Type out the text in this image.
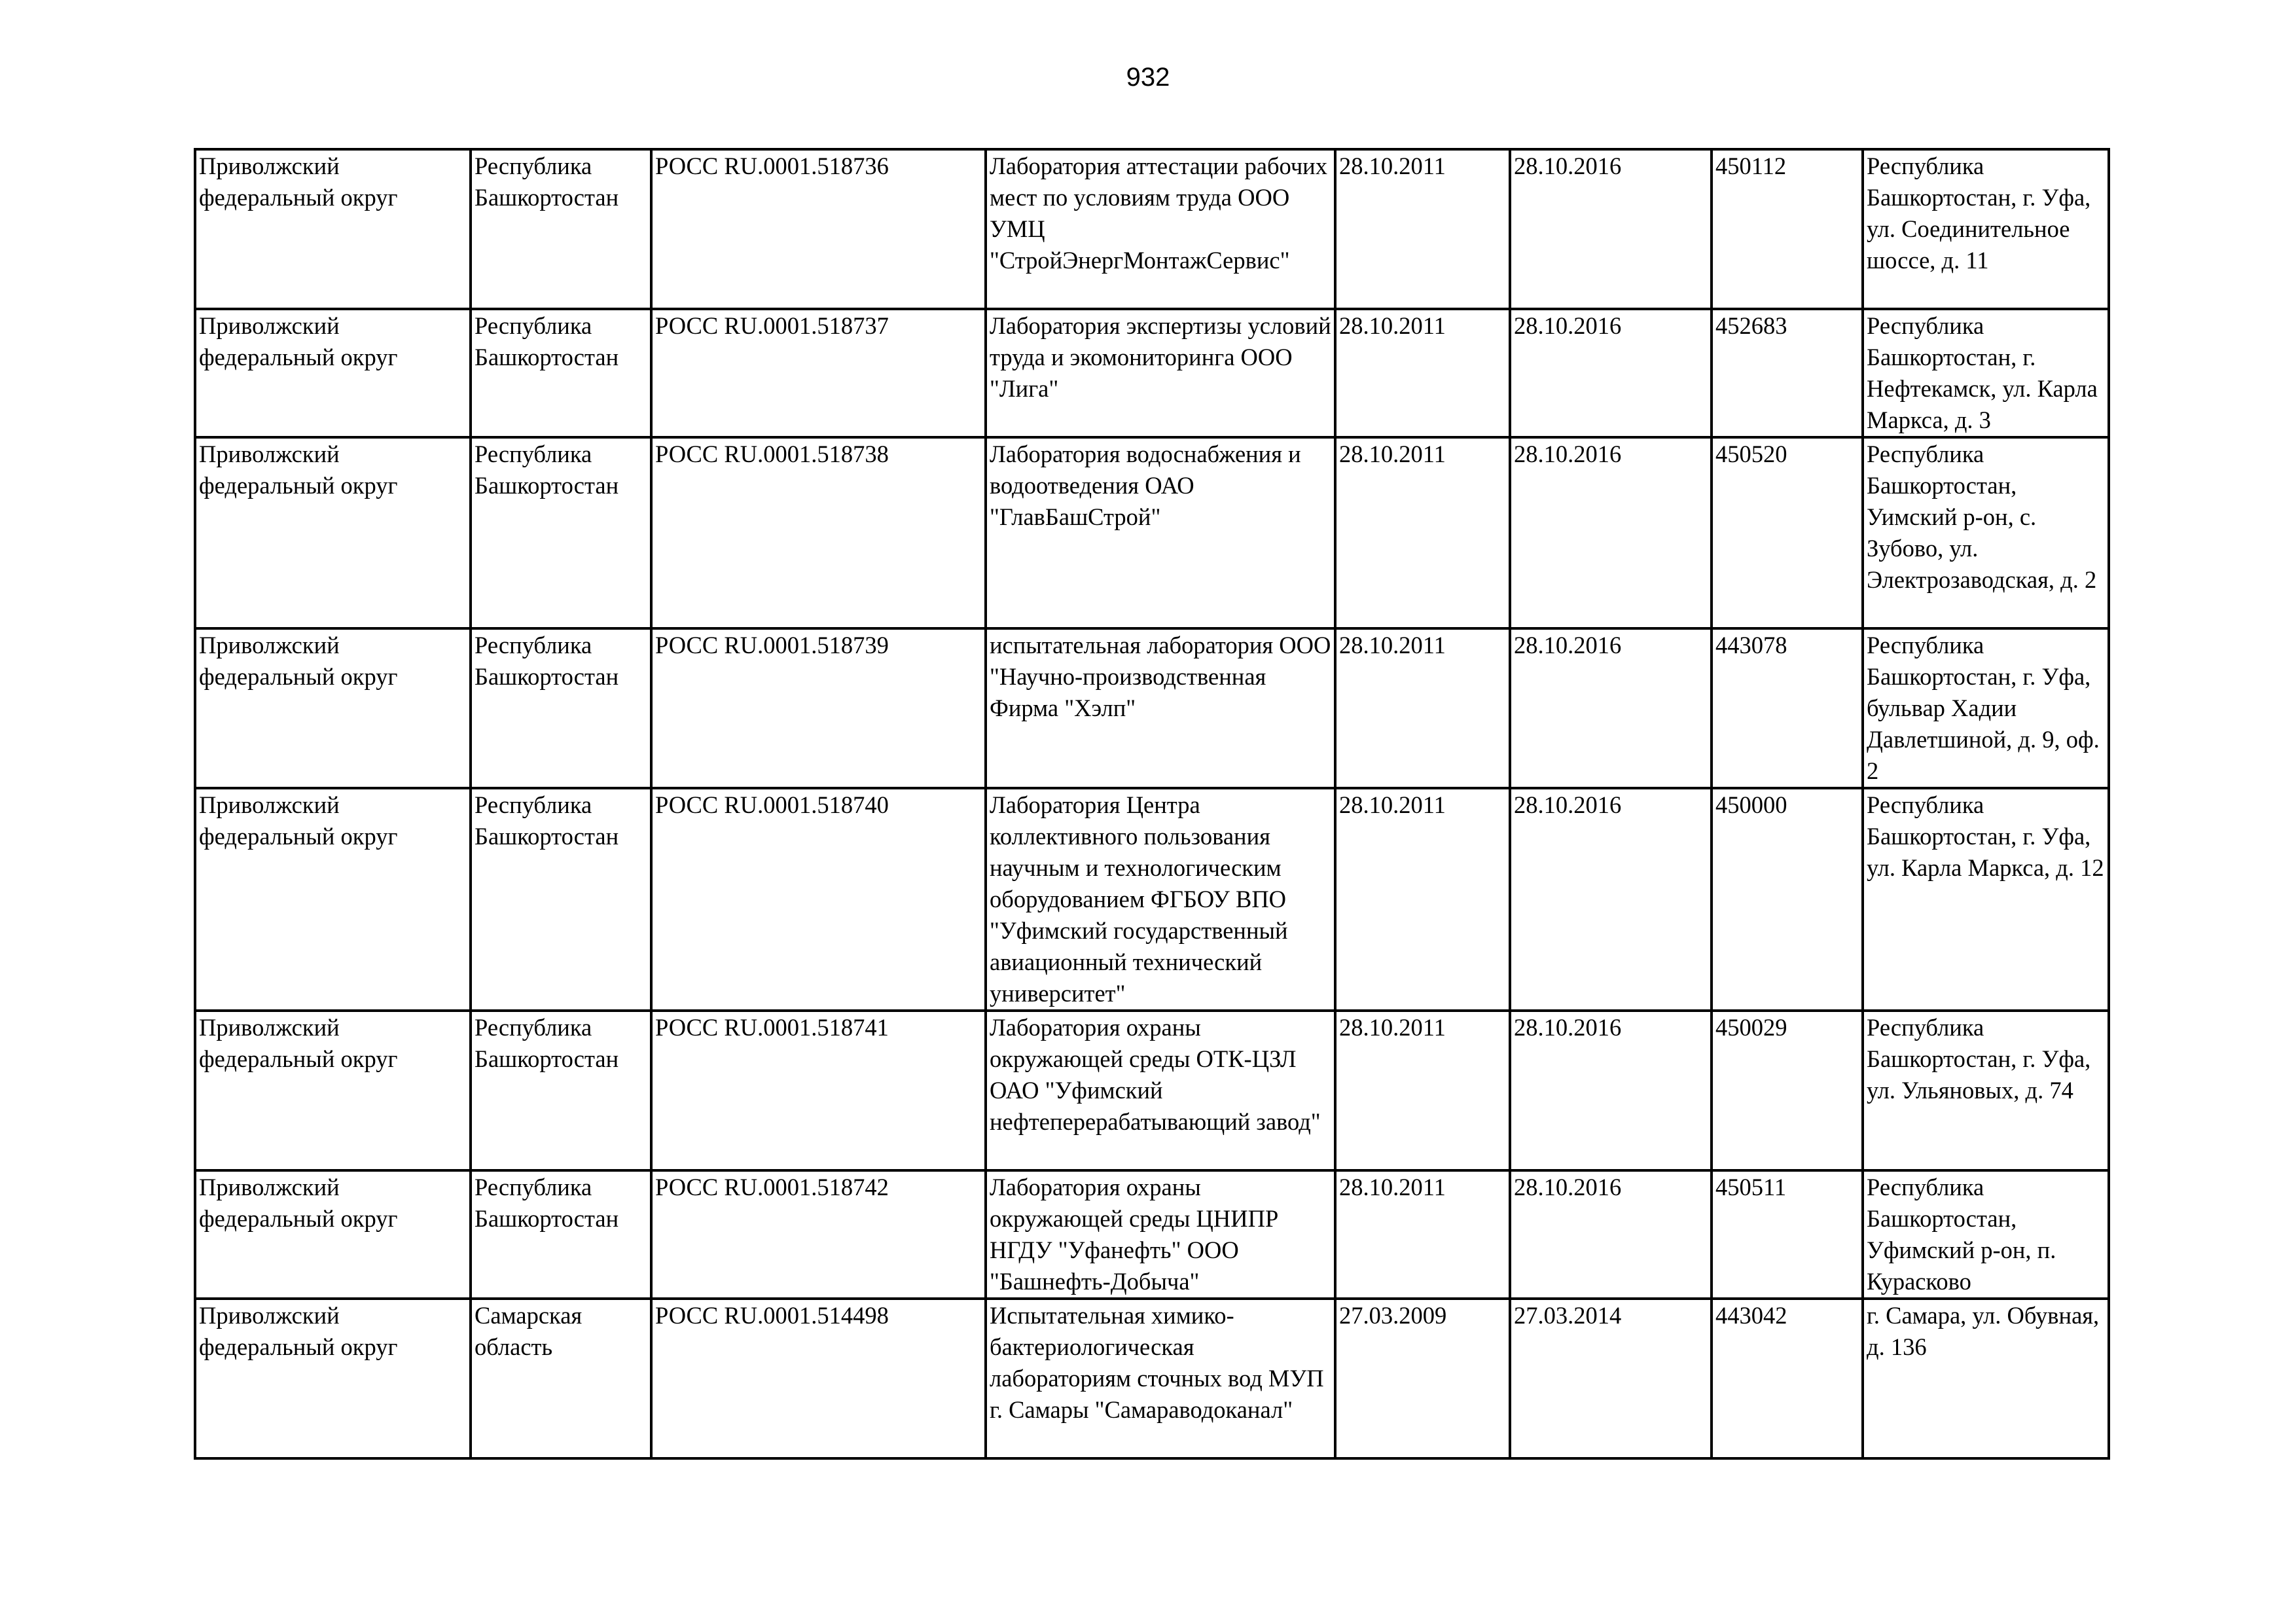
932
Приволжский федеральный округ	Республика Башкортостан	РОСС RU.0001.518736	Лаборатория аттестации рабочих мест по условиям труда ООО УМЦ "СтройЭнергМонтажСервис"	28.10.2011	28.10.2016	450112	Республика Башкортостан, г. Уфа, ул. Соединительное шоссе, д. 11
Приволжский федеральный округ	Республика Башкортостан	РОСС RU.0001.518737	Лаборатория экспертизы условий труда и экомониторинга ООО "Лига"	28.10.2011	28.10.2016	452683	Республика Башкортостан, г. Нефтекамск, ул. Карла Маркса, д. 3
Приволжский федеральный округ	Республика Башкортостан	РОСС RU.0001.518738	Лаборатория водоснабжения и водоотведения ОАО "ГлавБашСтрой"	28.10.2011	28.10.2016	450520	Республика Башкортостан, Уимский р-он, с. Зубово, ул. Электрозаводская, д. 2
Приволжский федеральный округ	Республика Башкортостан	РОСС RU.0001.518739	испытательная лаборатория ООО "Научно-производственная Фирма "Хэлп"	28.10.2011	28.10.2016	443078	Республика Башкортостан, г. Уфа, бульвар Хадии Давлетшиной, д. 9, оф. 2
Приволжский федеральный округ	Республика Башкортостан	РОСС RU.0001.518740	Лаборатория Центра коллективного пользования научным и технологическим оборудованием ФГБОУ ВПО "Уфимский государственный авиационный технический университет"	28.10.2011	28.10.2016	450000	Республика Башкортостан, г. Уфа, ул. Карла Маркса, д. 12
Приволжский федеральный округ	Республика Башкортостан	РОСС RU.0001.518741	Лаборатория охраны окружающей среды ОТК-ЦЗЛ ОАО "Уфимский нефтеперерабатывающий завод"	28.10.2011	28.10.2016	450029	Республика Башкортостан, г. Уфа, ул. Ульяновых, д. 74
Приволжский федеральный округ	Республика Башкортостан	РОСС RU.0001.518742	Лаборатория охраны окружающей среды ЦНИПР НГДУ "Уфанефть" ООО "Башнефть-Добыча"	28.10.2011	28.10.2016	450511	Республика Башкортостан, Уфимский р-он, п. Курасково
Приволжский федеральный округ	Самарская область	РОСС RU.0001.514498	Испытательная химико-бактериологическая лабораториям сточных вод МУП г. Самары "Самараводоканал"	27.03.2009	27.03.2014	443042	г. Самара, ул. Обувная, д. 136
